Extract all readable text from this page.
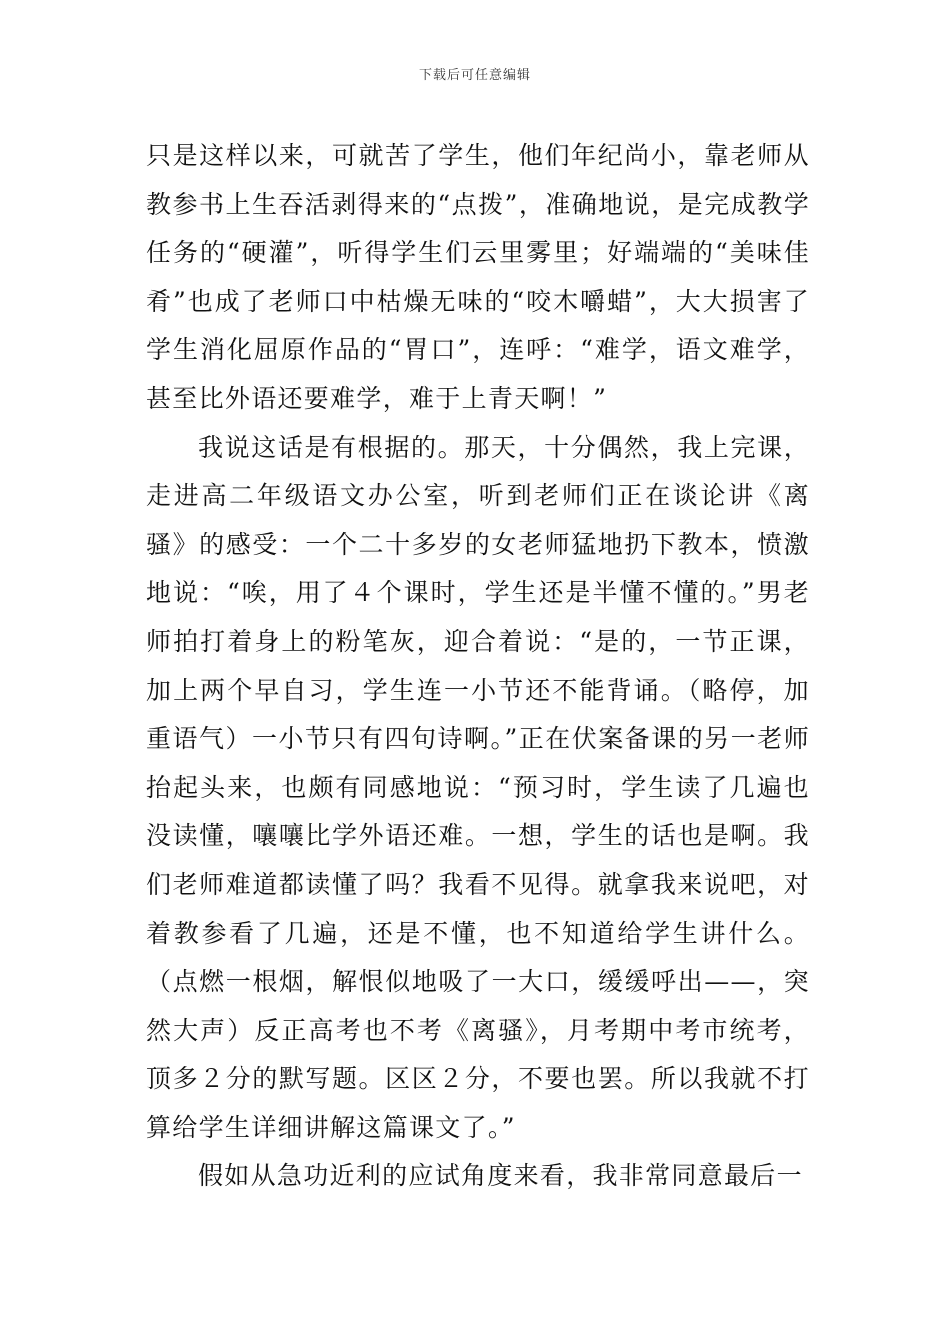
下载后可任意编辑

只是这样以来，可就苦了学生，他们年纪尚小，靠老师从教参书上生吞活剥得来的“点拨”，准确地说，是完成教学任务的“硬灌”，听得学生们云里雾里；好端端的“美味佳肴”也成了老师口中枯燥无味的“咬木嚼蜡”，大大损害了学生消化屈原作品的“胃口”，连呼：“难学，语文难学，甚至比外语还要难学，难于上青天啊！”

我说这话是有根据的。那天，十分偶然，我上完课，走进高二年级语文办公室，听到老师们正在谈论讲《离骚》的感受：一个二十多岁的女老师猛地扔下教本，愤激地说：“唉，用了４个课时，学生还是半懂不懂的。”男老师拍打着身上的粉笔灰，迎合着说：“是的，一节正课，加上两个早自习，学生连一小节还不能背诵。（略停，加重语气）一小节只有四句诗啊。”正在伏案备课的另一老师抬起头来，也颇有同感地说：“预习时，学生读了几遍也没读懂，嚷嚷比学外语还难。一想，学生的话也是啊。我们老师难道都读懂了吗？我看不见得。就拿我来说吧，对着教参看了几遍，还是不懂，也不知道给学生讲什么。（点燃一根烟，解恨似地吸了一大口，缓缓呼出——，突然大声）反正高考也不考《离骚》，月考期中考市统考，顶多２分的默写题。区区２分，不要也罢。所以我就不打算给学生详细讲解这篇课文了。”

假如从急功近利的应试角度来看，我非常同意最后一
